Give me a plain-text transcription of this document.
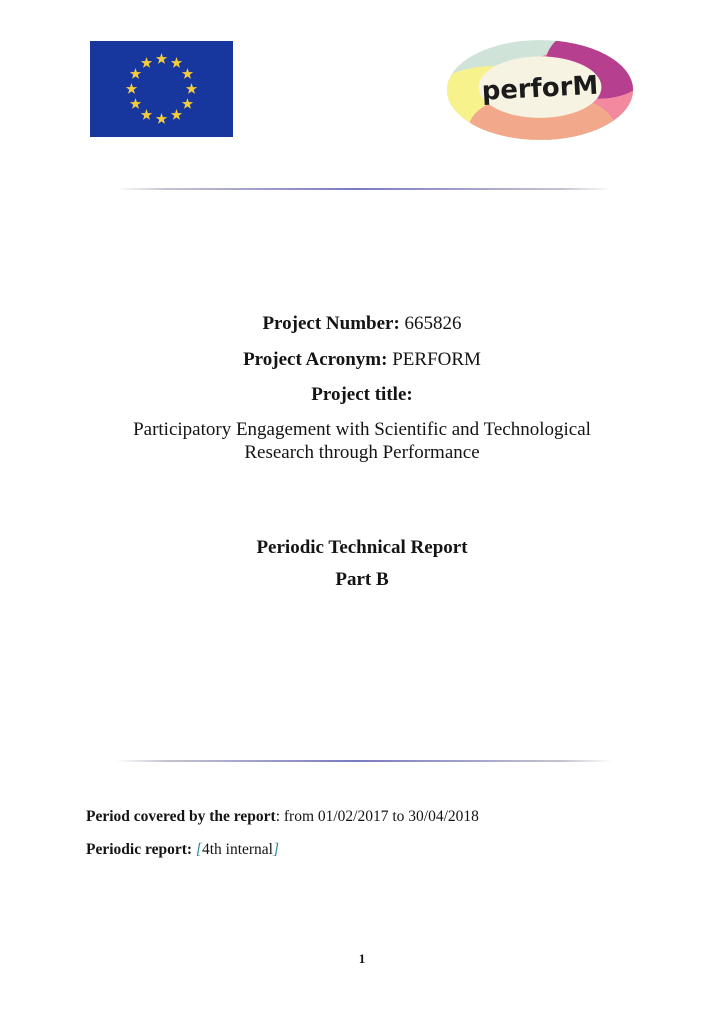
perforM
Project Number: 665826
Project Acronym: PERFORM
Project title:
Participatory Engagement with Scientific and Technological
Research through Performance
Periodic Technical Report
Part B
Period covered by the report: from 01/02/2017 to 30/04/2018
Periodic report: [4th internal]
1
